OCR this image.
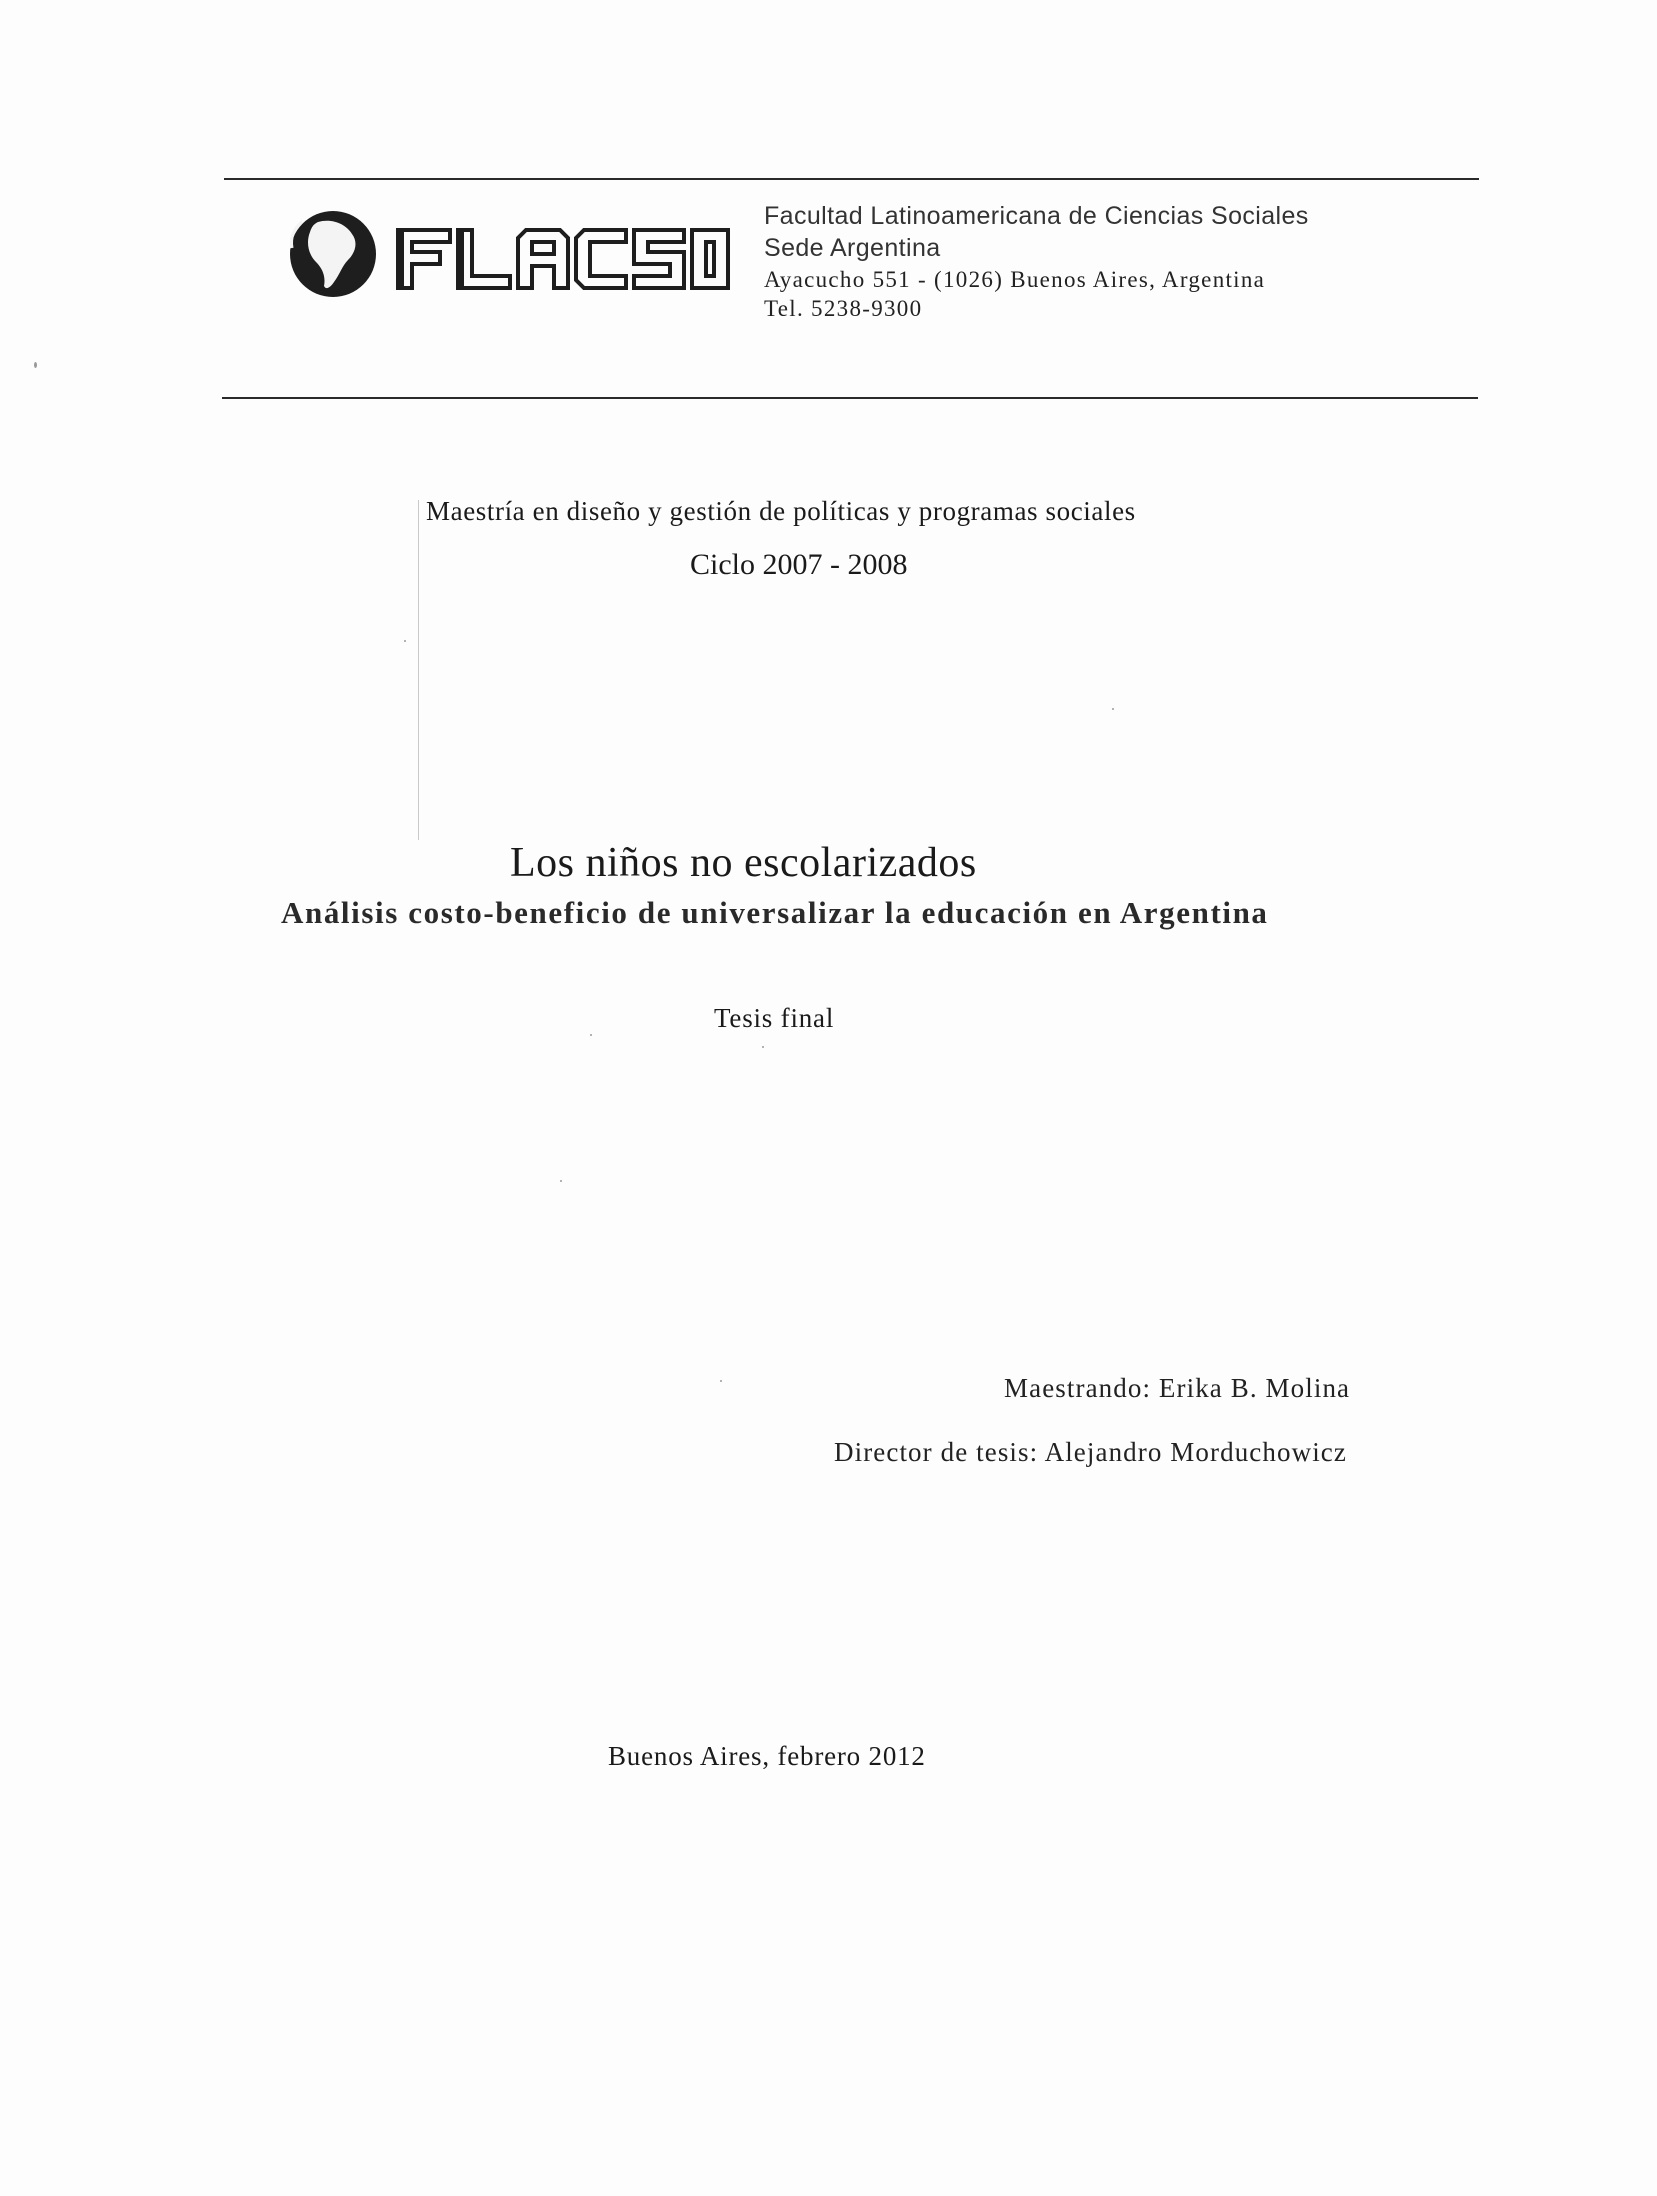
Facultad Latinoamericana de Ciencias Sociales
Sede Argentina
Ayacucho 551 - (1026) Buenos Aires, Argentina
Tel. 5238-9300
Maestría en diseño y gestión de políticas y programas sociales
Ciclo 2007 - 2008
Los niños no escolarizados
Análisis costo-beneficio de universalizar la educación en Argentina
Tesis final
Maestrando: Erika B. Molina
Director de tesis: Alejandro Morduchowicz
Buenos Aires, febrero 2012
